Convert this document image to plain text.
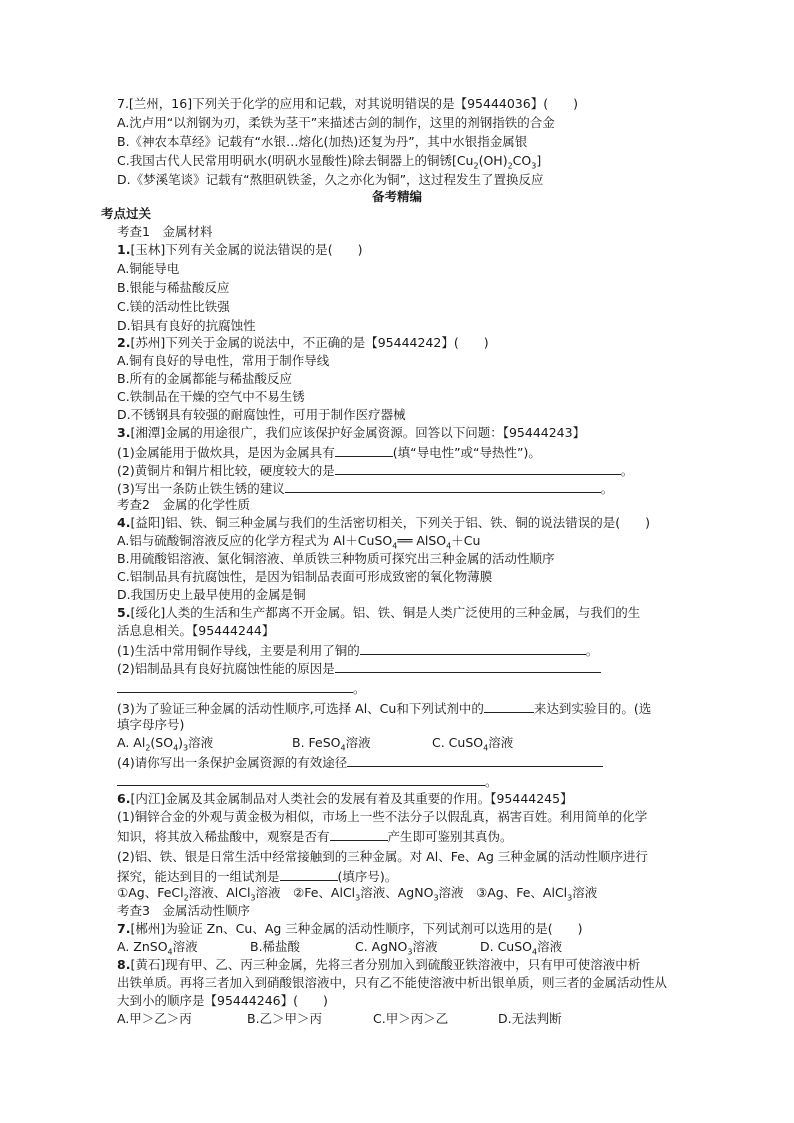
7.[兰州，16]下列关于化学的应用和记载，对其说明错误的是【95444036】(　　)
A.沈卢用“以剂钢为刃，柔铁为茎干”来描述古剑的制作，这里的剂钢指铁的合金
B.《神农本草经》记载有“水银…熔化(加热)还复为丹”，其中水银指金属银
C.我国古代人民常用明矾水(明矾水显酸性)除去铜器上的铜锈$[Cu_2(OH)_2CO_3]$
D.《梦溪笔谈》记载有“熬胆矾铁釜，久之亦化为铜”，这过程发生了置换反应
备考精编
考点过关
考查1　金属材料
1.[玉林]下列有关金属的说法错误的是(　　)
A.铜能导电
B.银能与稀盐酸反应
C.镁的活动性比铁强
D.铝具有良好的抗腐蚀性
2.[苏州]下列关于金属的说法中，不正确的是【95444242】(　　)
A.铜有良好的导电性，常用于制作导线
B.所有的金属都能与稀盐酸反应
C.铁制品在干燥的空气中不易生锈
D.不锈钢具有较强的耐腐蚀性，可用于制作医疗器械
3.[湘潭]金属的用途很广，我们应该保护好金属资源。回答以下问题：【95444243】
(1)金属能用于做炊具，是因为金属具有	(填“导电性”或“导热性”)。
(2)黄铜片和铜片相比较，硬度较大的是	。
(3)写出一条防止铁生锈的建议	。
考查2　金属的化学性质
4.[益阳]铝、铁、铜三种金属与我们的生活密切相关，下列关于铝、铁、铜的说法错误的是(　　)
A.铝与硫酸铜溶液反应的化学方程式为 Al＋CuSO$_4$══ AlSO$_4$＋Cu
B.用硫酸铝溶液、氯化铜溶液、单质铁三种物质可探究出三种金属的活动性顺序
C.铝制品具有抗腐蚀性，是因为铝制品表面可形成致密的氧化物薄膜
D.我国历史上最早使用的金属是铜
5.[绥化]人类的生活和生产都离不开金属。铝、铁、铜是人类广泛使用的三种金属，与我们的生
活息息相关。【95444244】
(1)生活中常用铜作导线，主要是利用了铜的	。
(2)铝制品具有良好抗腐蚀性能的原因是
。
(3)为了验证三种金属的活动性顺序,可选择 Al、Cu和下列试剂中的	来达到实验目的。(选
填字母序号)
A. $Al_2(SO_4)_3$溶液	B. FeSO$_4$溶液	C. CuSO$_4$溶液
(4)请你写出一条保护金属资源的有效途径
。
6.[内江]金属及其金属制品对人类社会的发展有着及其重要的作用。【95444245】
(1)铜锌合金的外观与黄金极为相似，市场上一些不法分子以假乱真，祸害百姓。利用简单的化学
知识，将其放入稀盐酸中，观察是否有	产生即可鉴别其真伪。
(2)铝、铁、银是日常生活中经常接触到的三种金属。对 Al、Fe、Ag 三种金属的活动性顺序进行
探究，能达到目的一组试剂是	(填序号)。
①Ag、FeCl$_2$溶液、AlCl$_3$溶液　②Fe、AlCl$_3$溶液、AgNO$_3$溶液　③Ag、Fe、AlCl$_3$溶液
考查3　金属活动性顺序
7.[郴州]为验证 Zn、Cu、Ag 三种金属的活动性顺序，下列试剂可以选用的是(　　)
A. ZnSO$_4$溶液	B.稀盐酸	C. AgNO$_3$溶液	D. CuSO$_4$溶液
8.[黄石]现有甲、乙、丙三种金属，先将三者分别加入到硫酸亚铁溶液中，只有甲可使溶液中析
出铁单质。再将三者加入到硝酸银溶液中，只有乙不能使溶液中析出银单质，则三者的金属活动性从
大到小的顺序是【95444246】(　　)
A.甲＞乙＞丙	B.乙＞甲＞丙	C.甲＞丙＞乙	D.无法判断
